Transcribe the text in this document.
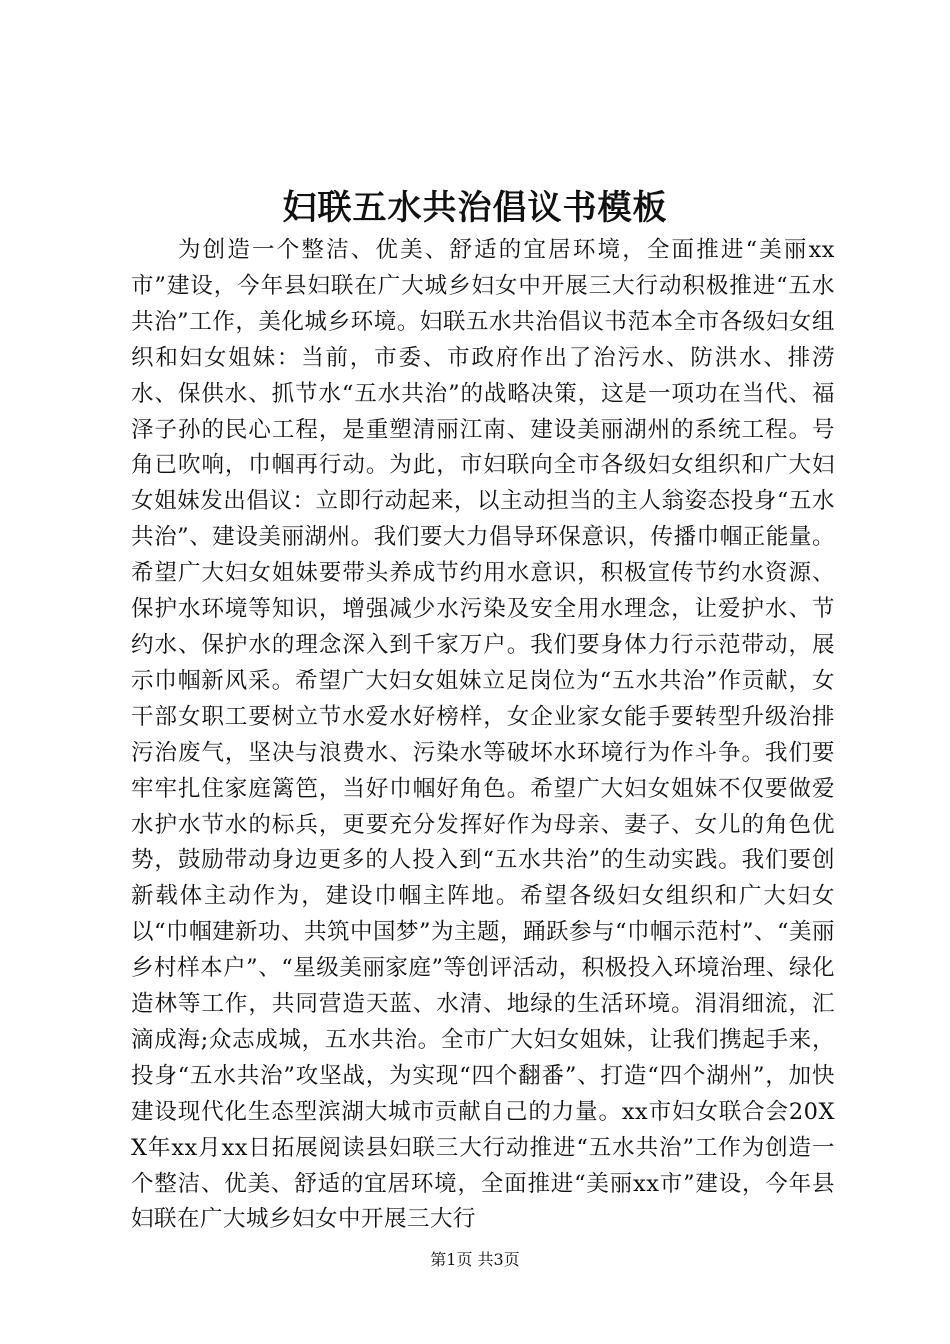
妇联五水共治倡议书模板

为创造一个整洁、优美、舒适的宜居环境，全面推进“美丽xx市”建设，今年县妇联在广大城乡妇女中开展三大行动积极推进“五水共治”工作，美化城乡环境。妇联五水共治倡议书范本全市各级妇女组织和妇女姐妹：当前，市委、市政府作出了治污水、防洪水、排涝水、保供水、抓节水“五水共治”的战略决策，这是一项功在当代、福泽子孙的民心工程，是重塑清丽江南、建设美丽湖州的系统工程。号角已吹响，巾帼再行动。为此，市妇联向全市各级妇女组织和广大妇女姐妹发出倡议：立即行动起来，以主动担当的主人翁姿态投身“五水共治”、建设美丽湖州。我们要大力倡导环保意识，传播巾帼正能量。希望广大妇女姐妹要带头养成节约用水意识，积极宣传节约水资源、保护水环境等知识，增强减少水污染及安全用水理念，让爱护水、节约水、保护水的理念深入到千家万户。我们要身体力行示范带动，展示巾帼新风采。希望广大妇女姐妹立足岗位为“五水共治”作贡献，女干部女职工要树立节水爱水好榜样，女企业家女能手要转型升级治排污治废气，坚决与浪费水、污染水等破坏水环境行为作斗争。我们要牢牢扎住家庭篱笆，当好巾帼好角色。希望广大妇女姐妹不仅要做爱水护水节水的标兵，更要充分发挥好作为母亲、妻子、女儿的角色优势，鼓励带动身边更多的人投入到“五水共治”的生动实践。我们要创新载体主动作为，建设巾帼主阵地。希望各级妇女组织和广大妇女以“巾帼建新功、共筑中国梦”为主题，踊跃参与“巾帼示范村”、“美丽乡村样本户”、“星级美丽家庭”等创评活动，积极投入环境治理、绿化造林等工作，共同营造天蓝、水清、地绿的生活环境。涓涓细流，汇滴成海;众志成城，五水共治。全市广大妇女姐妹，让我们携起手来，投身“五水共治”攻坚战，为实现“四个翻番”、打造“四个湖州”，加快建设现代化生态型滨湖大城市贡献自己的力量。xx市妇女联合会20XX年xx月xx日拓展阅读县妇联三大行动推进“五水共治”工作为创造一个整洁、优美、舒适的宜居环境，全面推进“美丽xx市”建设，今年县妇联在广大城乡妇女中开展三大行

第1页 共3页
